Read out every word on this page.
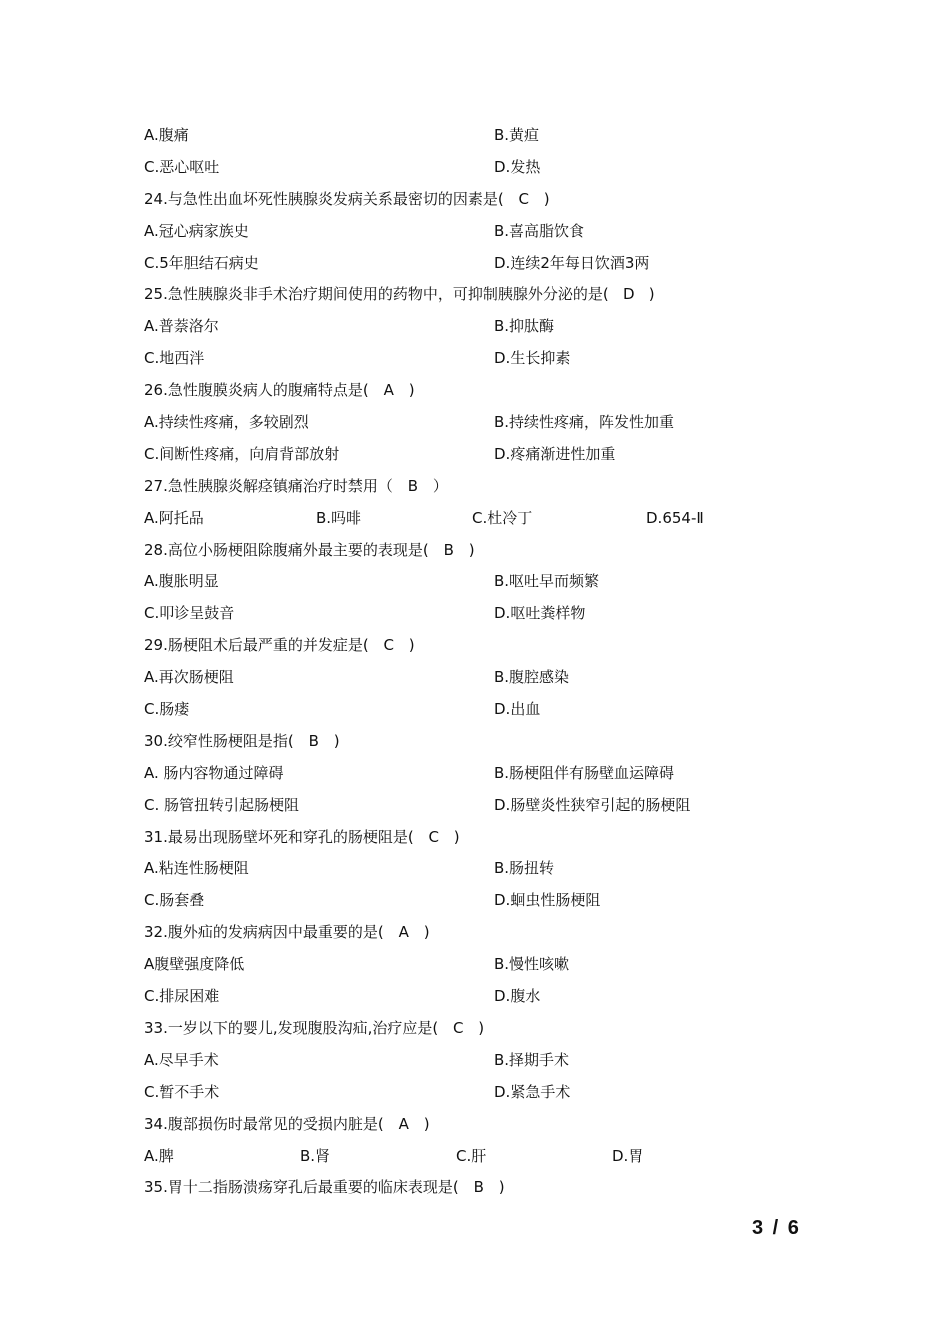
A.腹痛	B.黄疸
C.恶心呕吐	D.发热
24.与急性出血坏死性胰腺炎发病关系最密切的因素是( C )
A.冠心病家族史	B.喜高脂饮食
C.5年胆结石病史	D.连续2年每日饮酒3两
25.急性胰腺炎非手术治疗期间使用的药物中，可抑制胰腺外分泌的是( D )
A.普萘洛尔	B.抑肽酶
C.地西泮	D.生长抑素
26.急性腹膜炎病人的腹痛特点是( A )
A.持续性疼痛，多较剧烈	B.持续性疼痛，阵发性加重
C.间断性疼痛，向肩背部放射	D.疼痛渐进性加重
27.急性胰腺炎解痉镇痛治疗时禁用（ B ）
A.阿托品	B.吗啡	C.杜冷丁	D.654-Ⅱ
28.高位小肠梗阻除腹痛外最主要的表现是( B )
A.腹胀明显	B.呕吐早而频繁
C.叩诊呈鼓音	D.呕吐粪样物
29.肠梗阻术后最严重的并发症是( C )
A.再次肠梗阻	B.腹腔感染
C.肠瘘	D.出血
30.绞窄性肠梗阻是指( B )
A. 肠内容物通过障碍	B.肠梗阻伴有肠壁血运障碍
C. 肠管扭转引起肠梗阻	D.肠壁炎性狭窄引起的肠梗阻
31.最易出现肠壁坏死和穿孔的肠梗阻是( C )
A.粘连性肠梗阻	B.肠扭转
C.肠套叠	D.蛔虫性肠梗阻
32.腹外疝的发病病因中最重要的是( A )
A腹壁强度降低	B.慢性咳嗽
C.排尿困难	D.腹水
33.一岁以下的婴儿,发现腹股沟疝,治疗应是( C )
A.尽早手术	B.择期手术
C.暂不手术	D.紧急手术
34.腹部损伤时最常见的受损内脏是( A )
A.脾	B.肾	C.肝	D.胃
35.胃十二指肠溃疡穿孔后最重要的临床表现是( B )
3 / 6
